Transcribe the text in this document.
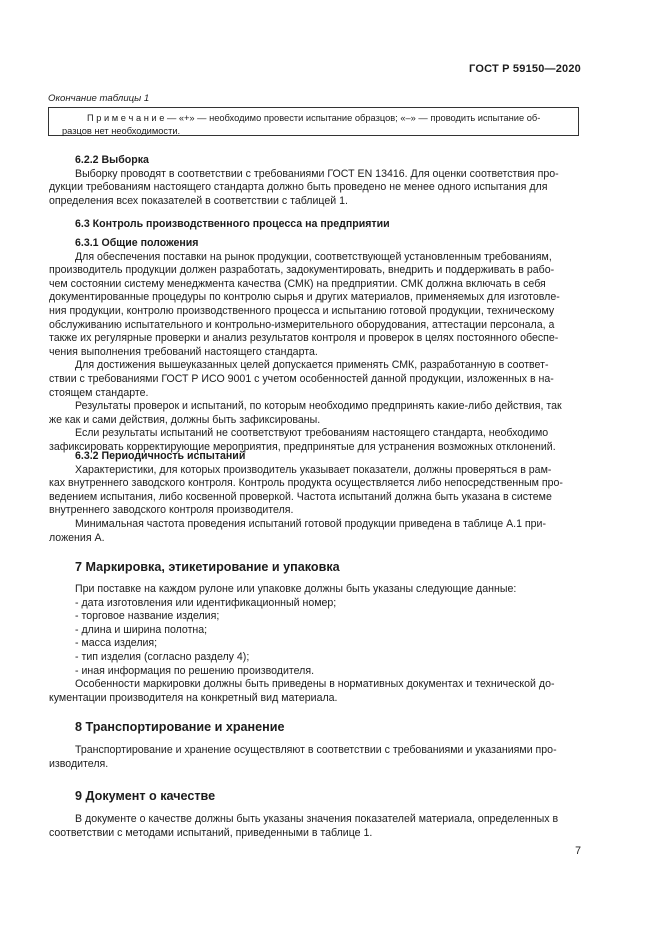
ГОСТ Р 59150—2020
Окончание таблицы 1
П р и м е ч а н и е — «+» — необходимо провести испытание образцов; «–» — проводить испытание об-
разцов нет необходимости.
6.2.2 Выборка
Выборку проводят в соответствии с требованиями ГОСТ EN 13416. Для оценки соответствия про-
дукции требованиям настоящего стандарта должно быть проведено не менее одного испытания для
определения всех показателей в соответствии с таблицей 1.
6.3 Контроль производственного процесса на предприятии
6.3.1 Общие положения
Для обеспечения поставки на рынок продукции, соответствующей установленным требованиям,
производитель продукции должен разработать, задокументировать, внедрить и поддерживать в рабо-
чем состоянии систему менеджмента качества (СМК) на предприятии. СМК должна включать в себя
документированные процедуры по контролю сырья и других материалов, применяемых для изготовле-
ния продукции, контролю производственного процесса и испытанию готовой продукции, техническому
обслуживанию испытательного и контрольно-измерительного оборудования, аттестации персонала, а
также их регулярные проверки и анализ результатов контроля и проверок в целях постоянного обеспе-
чения выполнения требований настоящего стандарта.
Для достижения вышеуказанных целей допускается применять СМК, разработанную в соответ-
ствии с требованиями ГОСТ Р ИСО 9001 с учетом особенностей данной продукции, изложенных в на-
стоящем стандарте.
Результаты проверок и испытаний, по которым необходимо предпринять какие-либо действия, так
же как и сами действия, должны быть зафиксированы.
Если результаты испытаний не соответствуют требованиям настоящего стандарта, необходимо
зафиксировать корректирующие мероприятия, предпринятые для устранения возможных отклонений.
6.3.2 Периодичность испытаний
Характеристики, для которых производитель указывает показатели, должны проверяться в рам-
ках внутреннего заводского контроля. Контроль продукта осуществляется либо непосредственным про-
ведением испытания, либо косвенной проверкой. Частота испытаний должна быть указана в системе
внутреннего заводского контроля производителя.
Минимальная частота проведения испытаний готовой продукции приведена в таблице А.1 при-
ложения А.
7 Маркировка, этикетирование и упаковка
При поставке на каждом рулоне или упаковке должны быть указаны следующие данные:
- дата изготовления или идентификационный номер;
- торговое название изделия;
- длина и ширина полотна;
- масса изделия;
- тип изделия (согласно разделу 4);
- иная информация по решению производителя.
Особенности маркировки должны быть приведены в нормативных документах и технической до-
кументации производителя на конкретный вид материала.
8 Транспортирование и хранение
Транспортирование и хранение осуществляют в соответствии с требованиями и указаниями про-
изводителя.
9 Документ о качестве
В документе о качестве должны быть указаны значения показателей материала, определенных в
соответствии с методами испытаний, приведенными в таблице 1.
7
